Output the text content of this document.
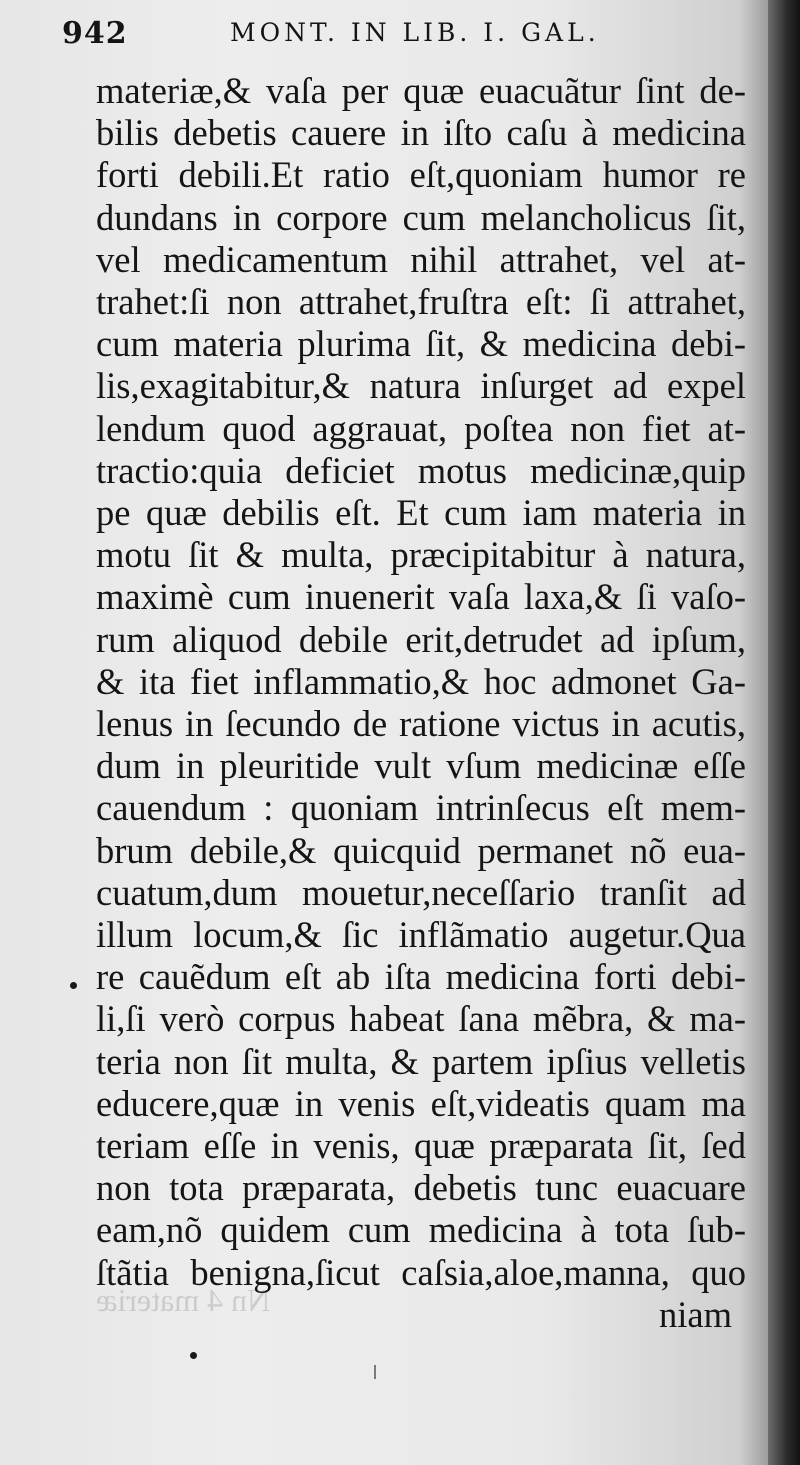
942	MONT. IN LIB. I. GAL.
materiæ,& vaſa per quæ euacuãtur ſint de-
bilis debetis cauere in iſto caſu à medicina
forti debili.Et ratio eſt,quoniam humor re
dundans in corpore cum melancholicus ſit,
vel medicamentum nihil attrahet, vel at-
trahet:ſi non attrahet,fruſtra eſt: ſi attrahet,
cum materia plurima ſit, & medicina debi-
lis,exagitabitur,& natura inſurget ad expel
lendum quod aggrauat, poſtea non fiet at-
tractio:quia deficiet motus medicinæ,quip
pe quæ debilis eſt. Et cum iam materia in
motu ſit & multa, præcipitabitur à natura,
maximè cum inuenerit vaſa laxa,& ſi vaſo-
rum aliquod debile erit,detrudet ad ipſum,
& ita fiet inflammatio,& hoc admonet Ga-
lenus in ſecundo de ratione victus in acutis,
dum in pleuritide vult vſum medicinæ eſſe
cauendum : quoniam intrinſecus eſt mem-
brum debile,& quicquid permanet nõ eua-
cuatum,dum mouetur,neceſſario tranſit ad
illum locum,& ſic inflãmatio augetur.Qua
re cauẽdum eſt ab iſta medicina forti debi-
li,ſi verò corpus habeat ſana mẽbra, & ma-
teria non ſit multa, & partem ipſius velletis
educere,quæ in venis eſt,videatis quam ma
teriam eſſe in venis, quæ præparata ſit, ſed
non tota præparata, debetis tunc euacuare
eam,nõ quidem cum medicina à tota ſub-
ſtãtia benigna,ſicut caſsia,aloe,manna, quo
niam
Nn 4 materiæ
